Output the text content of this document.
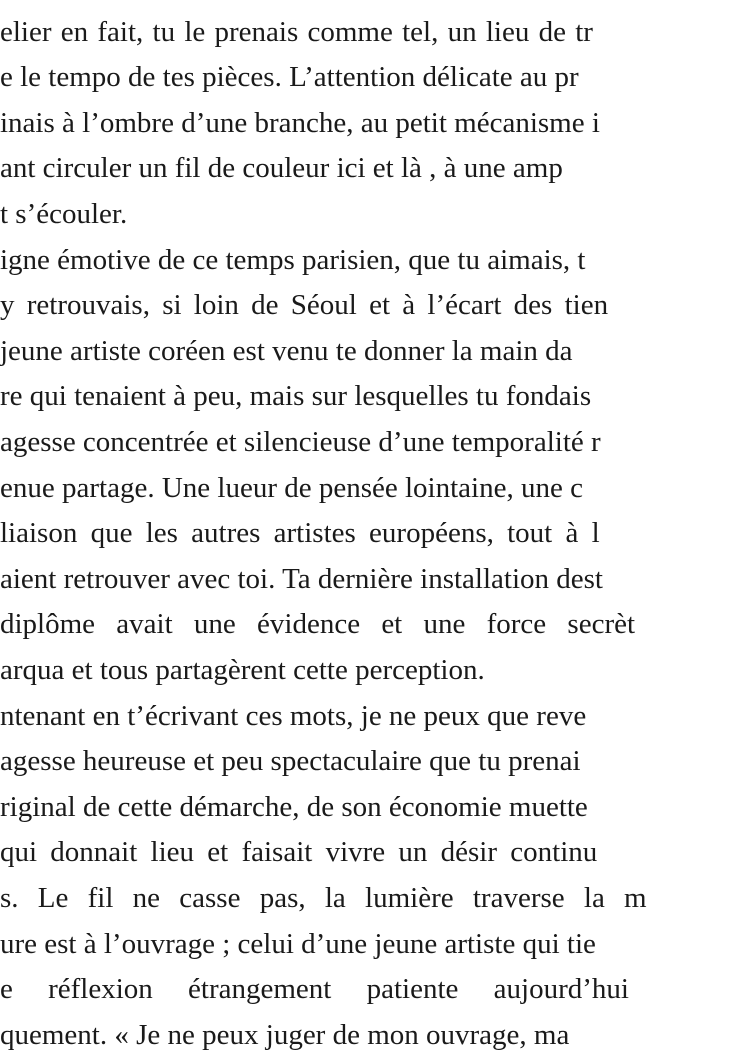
elier en fait, tu le prenais comme tel, un lieu de tr
e le tempo de tes pièces. L’attention délicate au pr
inais à l’ombre d’une branche, au petit mécanisme i
ant circuler un fil de couleur ici et là , à une amp
t s’écouler.
igne émotive de ce temps parisien, que tu aimais, t
y retrouvais, si loin de Séoul et à l’écart des tien
jeune artiste coréen est venu te donner la main da
re qui tenaient à peu, mais sur lesquelles tu fondais
agesse concentrée et silencieuse d’une temporalité r
enue partage. Une lueur de pensée lointaine, une c
liaison que les autres artistes européens, tout à l
aient retrouver avec toi. Ta dernière installation dest
diplôme avait une évidence et une force secrèt
arqua et tous partagèrent cette perception.
ntenant en t’écrivant ces mots, je ne peux que reve
agesse heureuse et peu spectaculaire que tu prenai
riginal de cette démarche, de son économie muette
qui donnait lieu et faisait vivre un désir continu
s. Le fil ne casse pas, la lumière traverse la m
ure est à l’ouvrage ; celui d’une jeune artiste qui tie
e réflexion étrangement patiente aujourd’hui
quement. « Je ne peux juger de mon ouvrage, ma
